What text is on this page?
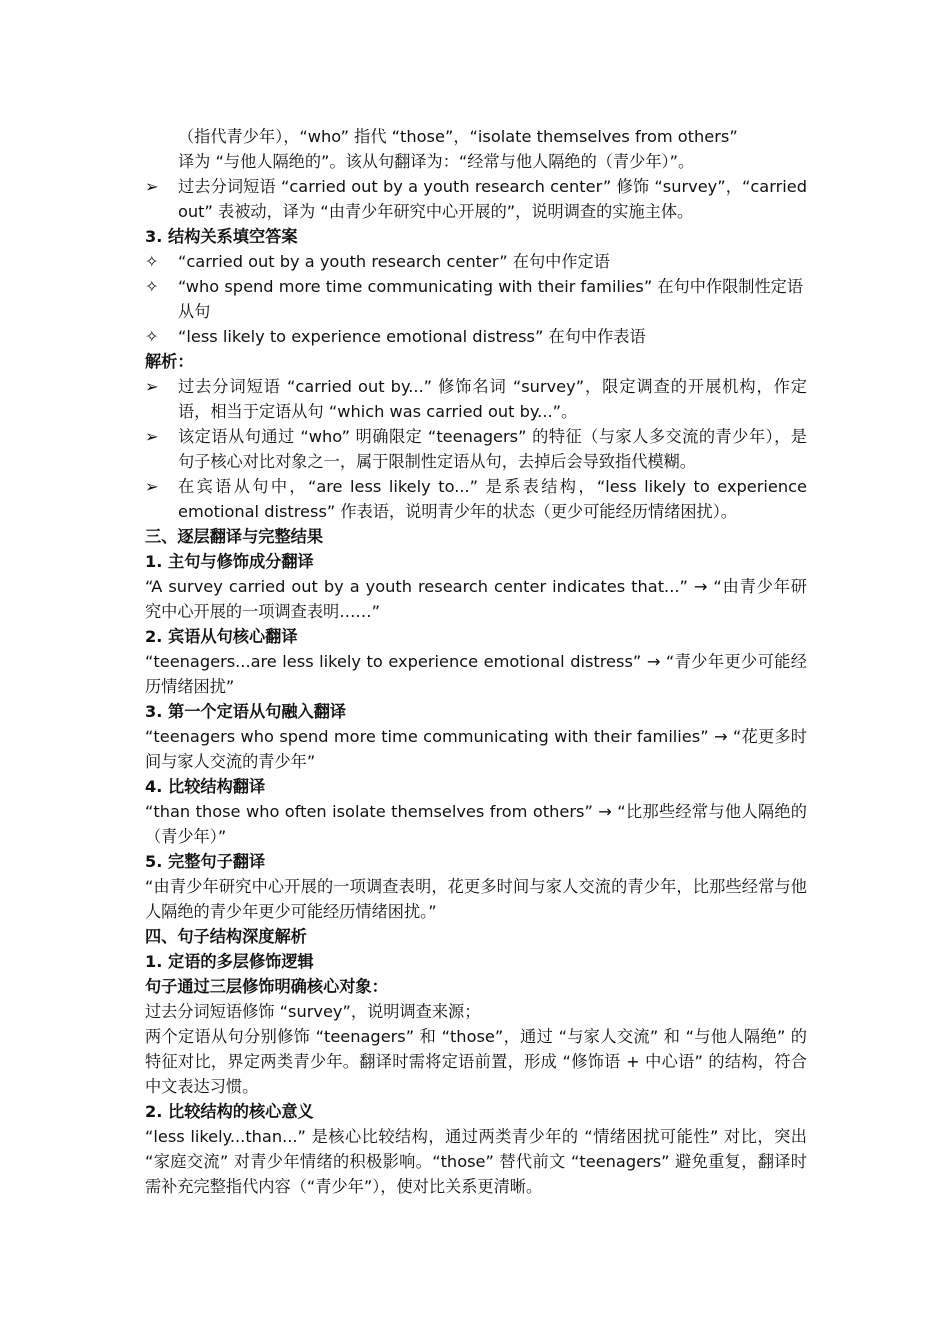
（指代青少年），“who” 指代 “those”，“isolate themselves from others”

译为 “与他人隔绝的”。该从句翻译为：“经常与他人隔绝的（青少年）”。

➢	过去分词短语 “carried out by a youth research center” 修饰 “survey”，“carried out” 表被动，译为 “由青少年研究中心开展的”，说明调查的实施主体。

3. 结构关系填空答案

✧	“carried out by a youth research center” 在句中作定语
✧	“who spend more time communicating with their families” 在句中作限制性定语从句
✧	“less likely to experience emotional distress” 在句中作表语

解析：

➢	过去分词短语 “carried out by...” 修饰名词 “survey”，限定调查的开展机构，作定语，相当于定语从句 “which was carried out by...”。
➢	该定语从句通过 “who” 明确限定 “teenagers” 的特征（与家人多交流的青少年），是句子核心对比对象之一，属于限制性定语从句，去掉后会导致指代模糊。
➢	在宾语从句中，“are less likely to...” 是系表结构，“less likely to experience emotional distress” 作表语，说明青少年的状态（更少可能经历情绪困扰）。

三、逐层翻译与完整结果

1. 主句与修饰成分翻译

“A survey carried out by a youth research center indicates that...” → “由青少年研究中心开展的一项调查表明……”

2. 宾语从句核心翻译

“teenagers...are less likely to experience emotional distress” → “青少年更少可能经历情绪困扰”

3. 第一个定语从句融入翻译

“teenagers who spend more time communicating with their families” → “花更多时间与家人交流的青少年”

4. 比较结构翻译

“than those who often isolate themselves from others” → “比那些经常与他人隔绝的（青少年）”

5. 完整句子翻译

“由青少年研究中心开展的一项调查表明，花更多时间与家人交流的青少年，比那些经常与他人隔绝的青少年更少可能经历情绪困扰。”

四、句子结构深度解析

1. 定语的多层修饰逻辑

句子通过三层修饰明确核心对象：

过去分词短语修饰 “survey”，说明调查来源；

两个定语从句分别修饰 “teenagers” 和 “those”，通过 “与家人交流” 和 “与他人隔绝” 的特征对比，界定两类青少年。翻译时需将定语前置，形成 “修饰语 + 中心语” 的结构，符合中文表达习惯。

2. 比较结构的核心意义

“less likely...than...” 是核心比较结构，通过两类青少年的 “情绪困扰可能性” 对比，突出 “家庭交流” 对青少年情绪的积极影响。“those” 替代前文 “teenagers” 避免重复，翻译时需补充完整指代内容（“青少年”），使对比关系更清晰。
